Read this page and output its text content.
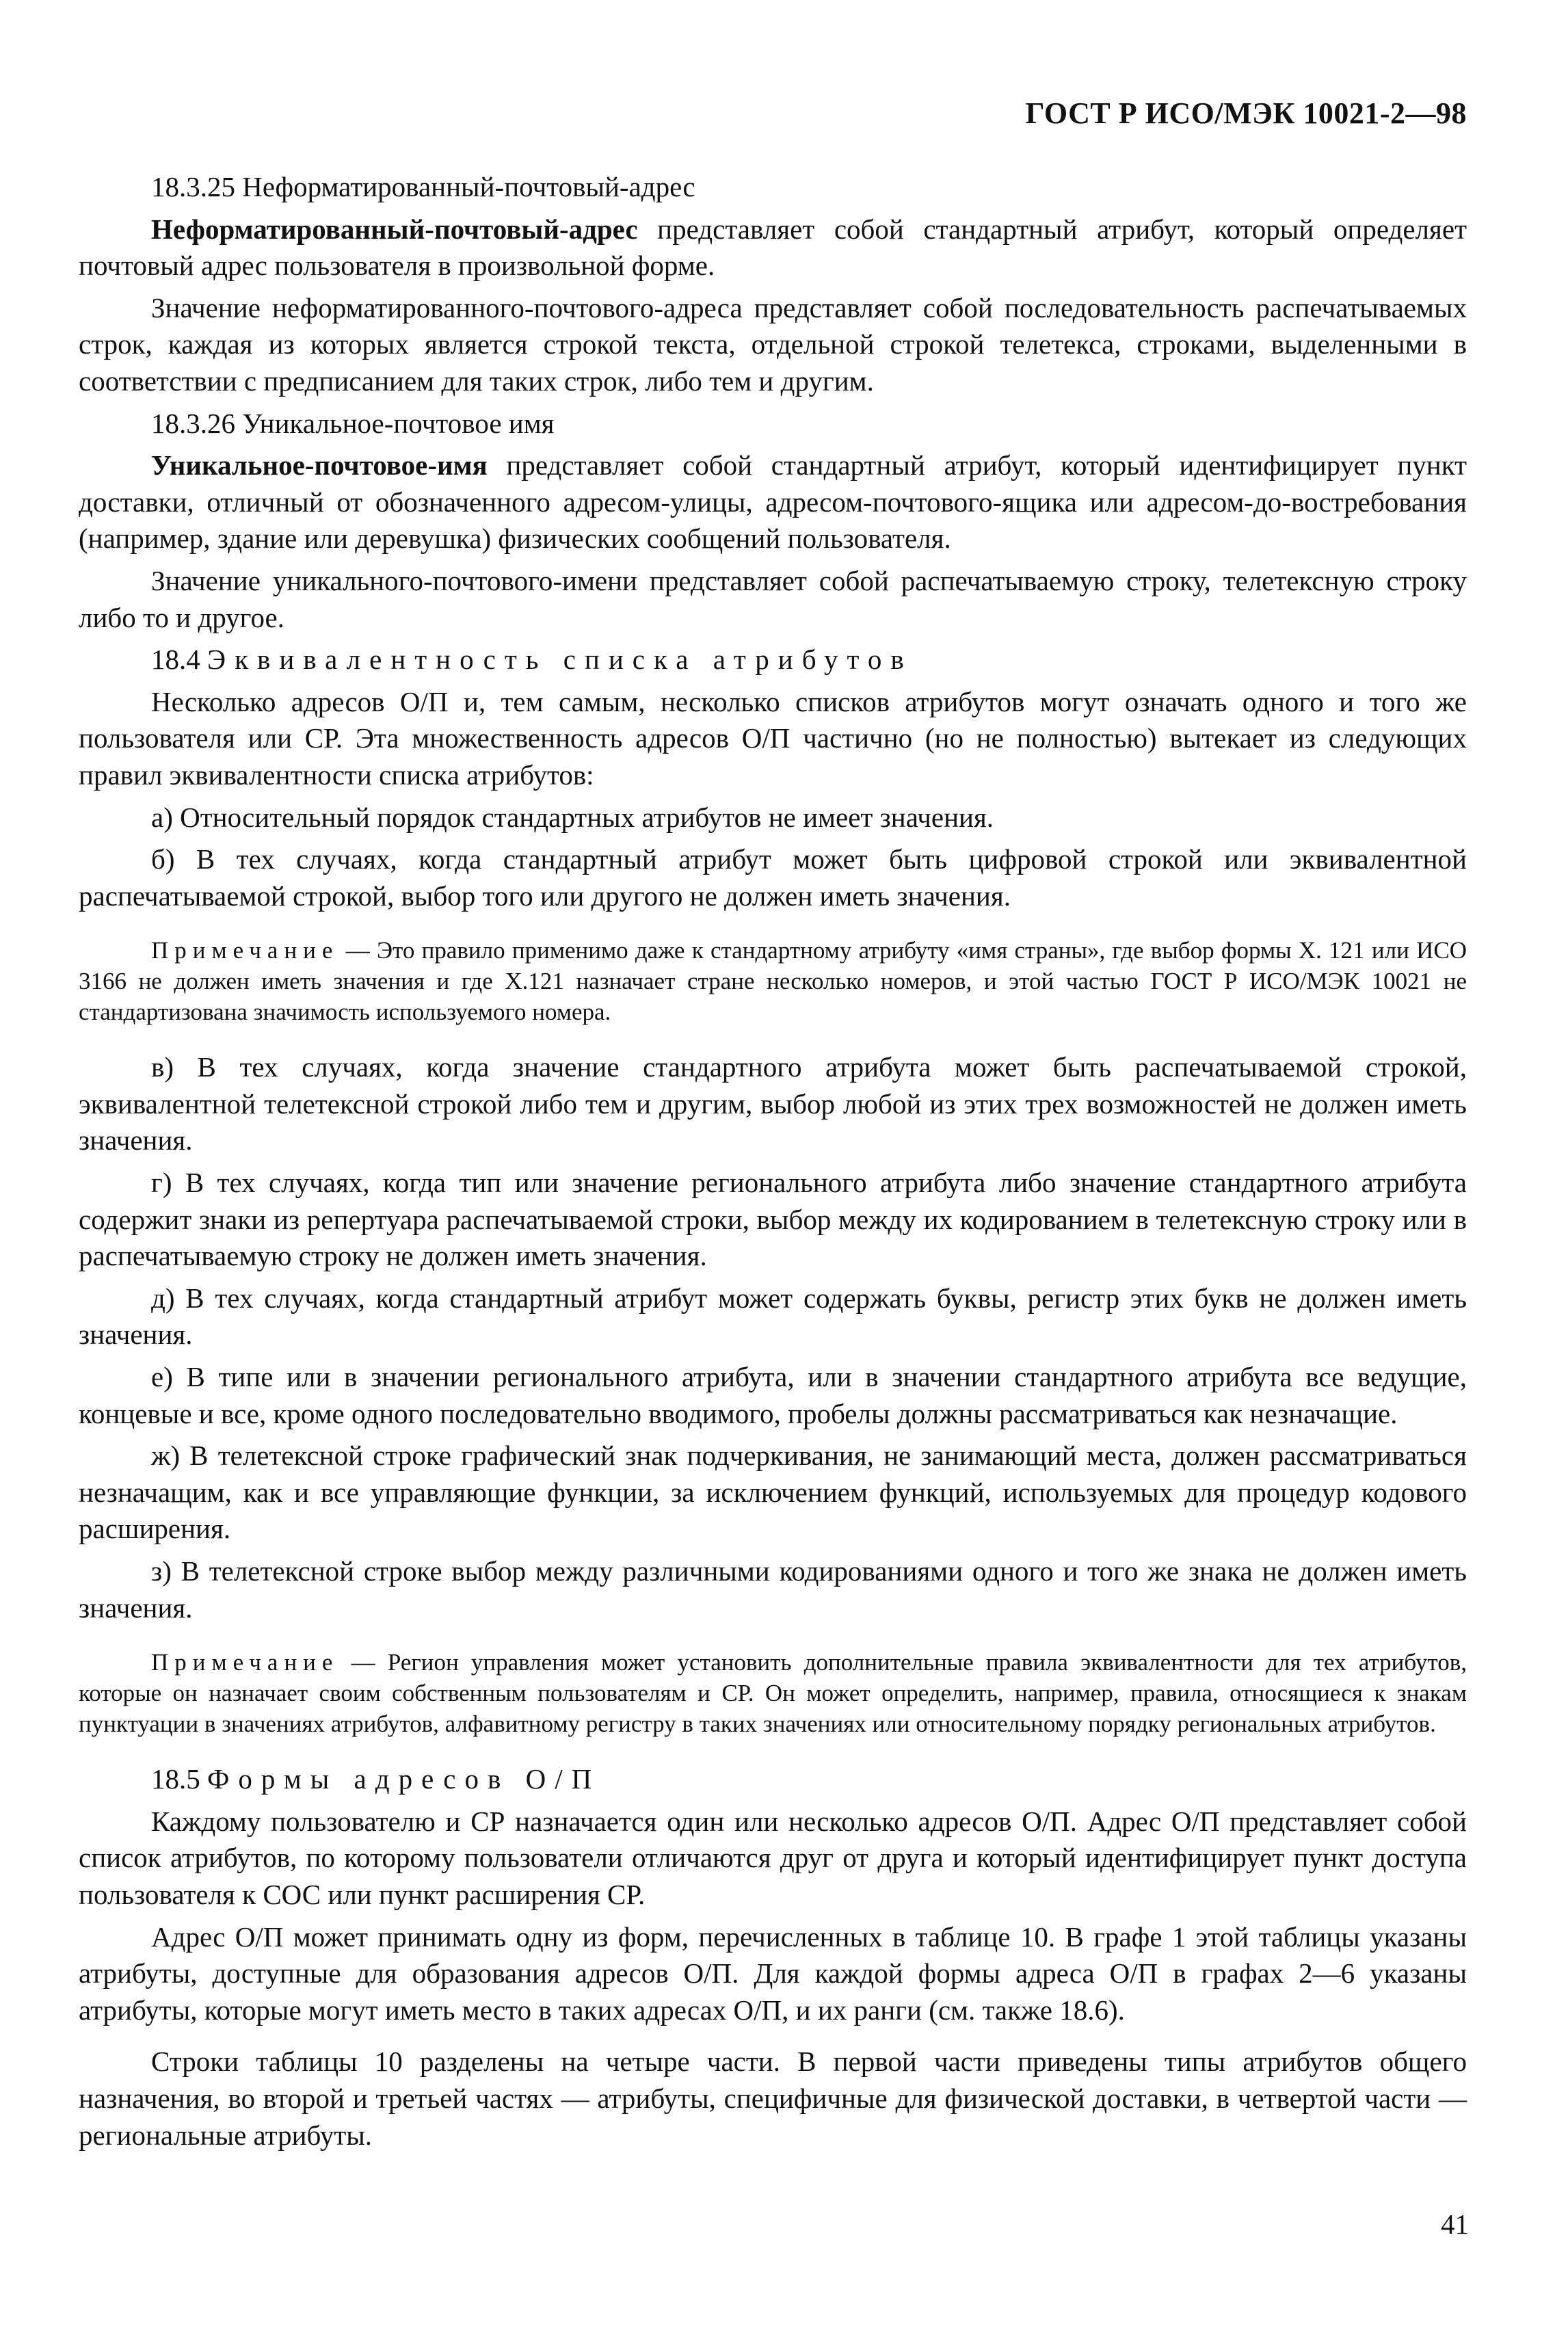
ГОСТ Р ИСО/МЭК 10021-2—98

18.3.25 Неформатированный-почтовый-адрес

Неформатированный-почтовый-адрес представляет собой стандартный атрибут, который определяет почтовый адрес пользователя в произвольной форме.

Значение неформатированного-почтового-адреса представляет собой последовательность распечатываемых строк, каждая из которых является строкой текста, отдельной строкой телетекса, строками, выделенными в соответствии с предписанием для таких строк, либо тем и другим.

18.3.26 Уникальное-почтовое имя

Уникальное-почтовое-имя представляет собой стандартный атрибут, который идентифицирует пункт доставки, отличный от обозначенного адресом-улицы, адресом-почтового-ящика или адресом-до-востребования (например, здание или деревушка) физических сообщений пользователя.

Значение уникального-почтового-имени представляет собой распечатываемую строку, телетексную строку либо то и другое.

18.4 Эквивалентность списка атрибутов

Несколько адресов О/П и, тем самым, несколько списков атрибутов могут означать одного и того же пользователя или СР. Эта множественность адресов О/П частично (но не полностью) вытекает из следующих правил эквивалентности списка атрибутов:

а) Относительный порядок стандартных атрибутов не имеет значения.

б) В тех случаях, когда стандартный атрибут может быть цифровой строкой или эквивалентной распечатываемой строкой, выбор того или другого не должен иметь значения.

Примечание — Это правило применимо даже к стандартному атрибуту «имя страны», где выбор формы X. 121 или ИСО 3166 не должен иметь значения и где X.121 назначает стране несколько номеров, и этой частью ГОСТ Р ИСО/МЭК 10021 не стандартизована значимость используемого номера.

в) В тех случаях, когда значение стандартного атрибута может быть распечатываемой строкой, эквивалентной телетексной строкой либо тем и другим, выбор любой из этих трех возможностей не должен иметь значения.

г) В тех случаях, когда тип или значение регионального атрибута либо значение стандартного атрибута содержит знаки из репертуара распечатываемой строки, выбор между их кодированием в телетексную строку или в распечатываемую строку не должен иметь значения.

д) В тех случаях, когда стандартный атрибут может содержать буквы, регистр этих букв не должен иметь значения.

е) В типе или в значении регионального атрибута, или в значении стандартного атрибута все ведущие, концевые и все, кроме одного последовательно вводимого, пробелы должны рассматриваться как незначащие.

ж) В телетексной строке графический знак подчеркивания, не занимающий места, должен рассматриваться незначащим, как и все управляющие функции, за исключением функций, используемых для процедур кодового расширения.

з) В телетексной строке выбор между различными кодированиями одного и того же знака не должен иметь значения.

Примечание — Регион управления может установить дополнительные правила эквивалентности для тех атрибутов, которые он назначает своим собственным пользователям и СР. Он может определить, например, правила, относящиеся к знакам пунктуации в значениях атрибутов, алфавитному регистру в таких значениях или относительному порядку региональных атрибутов.

18.5 Формы адресов О/П

Каждому пользователю и СР назначается один или несколько адресов О/П. Адрес О/П представляет собой список атрибутов, по которому пользователи отличаются друг от друга и который идентифицирует пункт доступа пользователя к СОС или пункт расширения СР.

Адрес О/П может принимать одну из форм, перечисленных в таблице 10. В графе 1 этой таблицы указаны атрибуты, доступные для образования адресов О/П. Для каждой формы адреса О/П в графах 2—6 указаны атрибуты, которые могут иметь место в таких адресах О/П, и их ранги (см. также 18.6).

Строки таблицы 10 разделены на четыре части. В первой части приведены типы атрибутов общего назначения, во второй и третьей частях — атрибуты, специфичные для физической доставки, в четвертой части — региональные атрибуты.

41
